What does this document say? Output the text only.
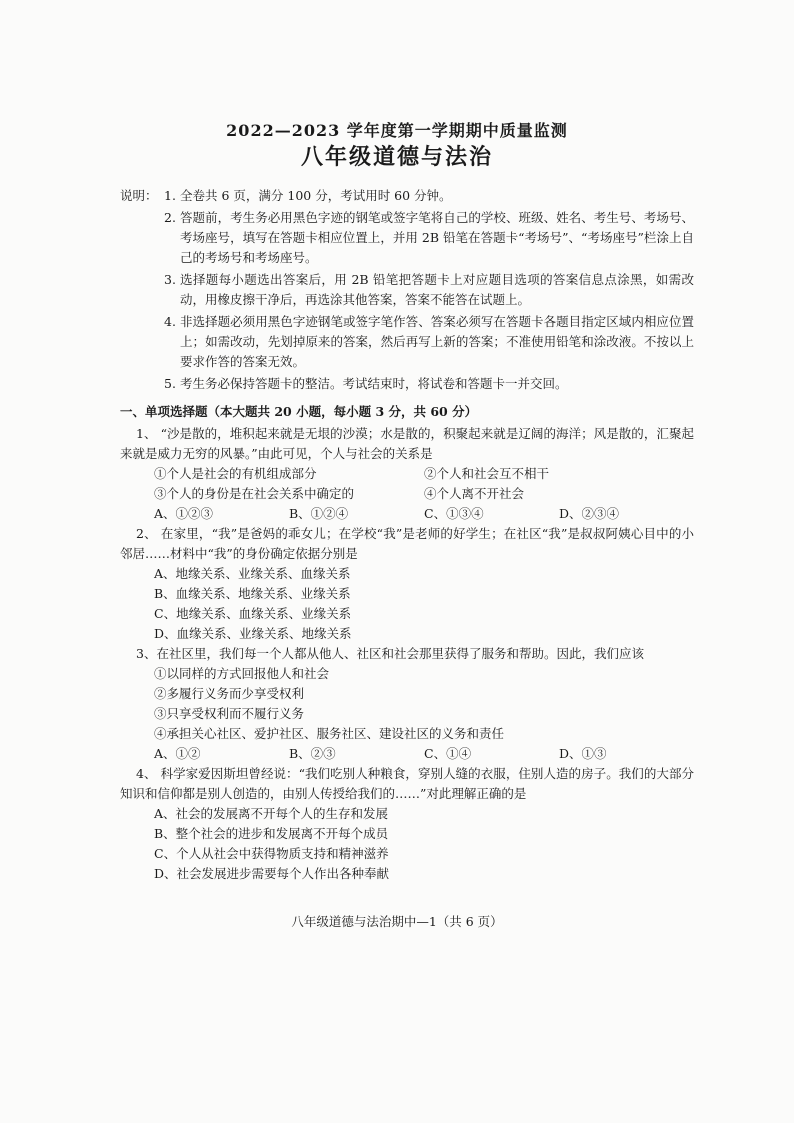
2022—2023 学年度第一学期期中质量监测
八年级道德与法治
说明： 1. 全卷共 6 页，满分 100 分，考试用时 60 分钟。
2. 答题前，考生务必用黑色字迹的钢笔或签字笔将自己的学校、班级、姓名、考生号、考场号、考场座号，填写在答题卡相应位置上，并用 2B 铅笔在答题卡“考场号”、“考场座号”栏涂上自己的考场号和考场座号。
3. 选择题每小题选出答案后，用 2B 铅笔把答题卡上对应题目选项的答案信息点涂黑，如需改动，用橡皮擦干净后，再选涂其他答案，答案不能答在试题上。
4. 非选择题必须用黑色字迹钢笔或签字笔作答、答案必须写在答题卡各题目指定区域内相应位置上；如需改动，先划掉原来的答案，然后再写上新的答案；不准使用铅笔和涂改液。不按以上要求作答的答案无效。
5. 考生务必保持答题卡的整洁。考试结束时，将试卷和答题卡一并交回。
一、单项选择题（本大题共 20 小题，每小题 3 分，共 60 分）
1、 “沙是散的，堆积起来就是无垠的沙漠；水是散的，积聚起来就是辽阔的海洋；风是散的，汇聚起来就是威力无穷的风暴。”由此可见，个人与社会的关系是
①个人是社会的有机组成部分	②个人和社会互不相干
③个人的身份是在社会关系中确定的	④个人离不开社会
A、①②③	B、①②④	C、①③④	D、②③④
2、 在家里，“我”是爸妈的乖女儿；在学校“我”是老师的好学生；在社区“我”是叔叔阿姨心目中的小邻居……材料中“我”的身份确定依据分别是
A、地缘关系、业缘关系、血缘关系
B、血缘关系、地缘关系、业缘关系
C、地缘关系、血缘关系、业缘关系
D、血缘关系、业缘关系、地缘关系
3、在社区里，我们每一个人都从他人、社区和社会那里获得了服务和帮助。因此，我们应该
①以同样的方式回报他人和社会
②多履行义务而少享受权利
③只享受权利而不履行义务
④承担关心社区、爱护社区、服务社区、建设社区的义务和责任
A、①②	B、②③	C、①④	D、①③
4、 科学家爱因斯坦曾经说：“我们吃别人种粮食，穿别人缝的衣服，住别人造的房子。我们的大部分知识和信仰都是别人创造的，由别人传授给我们的……”对此理解正确的是
A、社会的发展离不开每个人的生存和发展
B、整个社会的进步和发展离不开每个成员
C、个人从社会中获得物质支持和精神滋养
D、社会发展进步需要每个人作出各种奉献
八年级道德与法治期中—1（共 6 页）
